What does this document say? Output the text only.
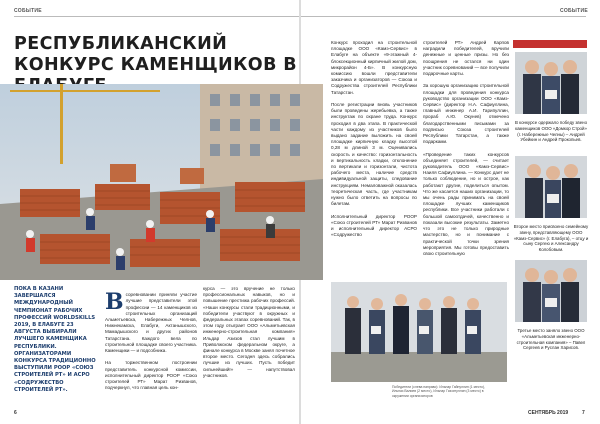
СОБЫТИЕ	СОБЫТИЕ
РЕСПУБЛИКАНСКИЙ КОНКУРС КАМЕНЩИКОВ В
ПОКА В КАЗАНИ ЗАВЕРШАЛСЯ МЕЖДУНАРОДНЫЙ ЧЕМПИОНАТ РАБОЧИХ ПРОФЕССИЙ WORLDSKILLS 2019, В ЕЛАБУГЕ 23 АВГУСТА ВЫБИРАЛИ ЛУЧШЕГО КАМЕНЩИКА РЕСПУБЛИКИ. ОРГАНИЗАТОРАМИ КОНКУРСА ТРАДИЦИОННО ВЫСТУПИЛИ РООР «СОЮЗ СТРОИТЕЛЕЙ РТ» И АСРО «СОДРУЖЕСТВО СТРОИТЕЛЕЙ РТ».

Всоревновании приняли участие лучшие представители этой профессии — 14 каменщиков из строительных организаций Альметьевска, Набережных Челнов, Нижнекамска, Елабуги, Актанышского, Мамадышского и других районов Татарстана. Каждого вела по строительной площадке своего участника. Каменщики — и подсобника.

На торжественном построении представитель конкурсной комиссии, исполнительный директор РООР «Союз строителей РТ» Марат Ризванов, подчеркнул, что главная цель кон-

курса — это вручение не только профессиональных навыков, но и повышение престижа рабочих профессий. «Наши конкурсы стали традиционными, и победители участвуют в окружных и федеральных этапах соревнований. Так, в этом году отыграет ООО «Альметьевская инженерно-строительная компания» Ильдар Азизов стал лучшим в Приволжском федеральном округе, а финале конкурса в Москве занял почетное второе место. Сегодня здесь собрались лучшие из лучших. Пусть победит сильнейший!» — напутствовал участников.
Конкурс проходил на строительной площадке ООО «Камэ-Сервис» в Елабуге на объекте «9-этажный 4-блоксекционный кирпичный жилой дом, микрорайон 4-Б». В конкурсную комиссию вошли представители заказчика и организаторов — Союза и Содружества строителей Республики Татарстан.

После регистрации вновь участников были проведены жеребьевка, а также инструктаж по охране труда. Конкурс проходил в два этапа. В практической части каждому из участников было выдано задание выложить на своей площадке кирпичную кладку высотой 0,28 м длиной 3 м. Оценивались скорость и качество: горизонтальность и вертикальность кладки, отклонение по вертикали и горизонтали, чистота рабочего места, наличие средств индивидуальной защиты, следование инструкциям. Немаловажной оказалась теоретическая часть, где участникам нужно было ответить на вопросы по билетам.

Исполнительный директор РООР «Союз строителей РТ» Марат Ризванов и исполнительный директор АСРО «Содружество
строителей РТ» Андрей Карпов наградили победителей, вручили денежные и ценные призы. Но без поощрения не остался ни один участник соревнований — все получили подарочные карты.

За хорошую организацию строительной площадки для проведения конкурса руководство организации ООО «Камэ-Сервис» (директор Н.А. Сафиуллина, главный инженер А.И. Гарипуллин, прораб А.Ю. Окунев) отмечено благодарственными письмами за подписью Союза строителей Республики Татарстан, а также подарками.

«Проведение таких конкурсов объединяет строителей, — считает руководитель ООО «Камэ-Сервис» Наиля Сафиуллина. — Конкурс дает не только соблюдение, но и острое, как работают другие, поделиться опытом. Что же касается наших организации, то мы очень рады принимать на своей площадке лучших каменщиков республики. Все участники работали с большой самоотдачей, качественно и показали высокие результаты. Заметно что это не только природные мастерство, но и понимание с практической точки зрения мероприятия. Мы готовы предоставить свою строительную
Победители (слева направо): Ильнар Гайнуллин (1 место), Ильназ Валиев (2 место), Ильнар Гиззятуллин (3 место) в окружении организаторов
В конкурсе одержало победу звено каменщиков ООО «Домкор Строй» (г. Набережные Челны) – Андрей Убейкин и Андрей Прокопьев.
Второе место присвоено семейному звену, представляющему ООО «Камэ-Сервис» (г. Елабуга), – отцу и сыну Сергею и Александру Колобовым.
Третье место заняло звено ООО «Альметьевская инженерно-строительная компания» – Павел Сергеев и Руслан Харисов.
6	СЕНТЯБРЬ 2019	7
